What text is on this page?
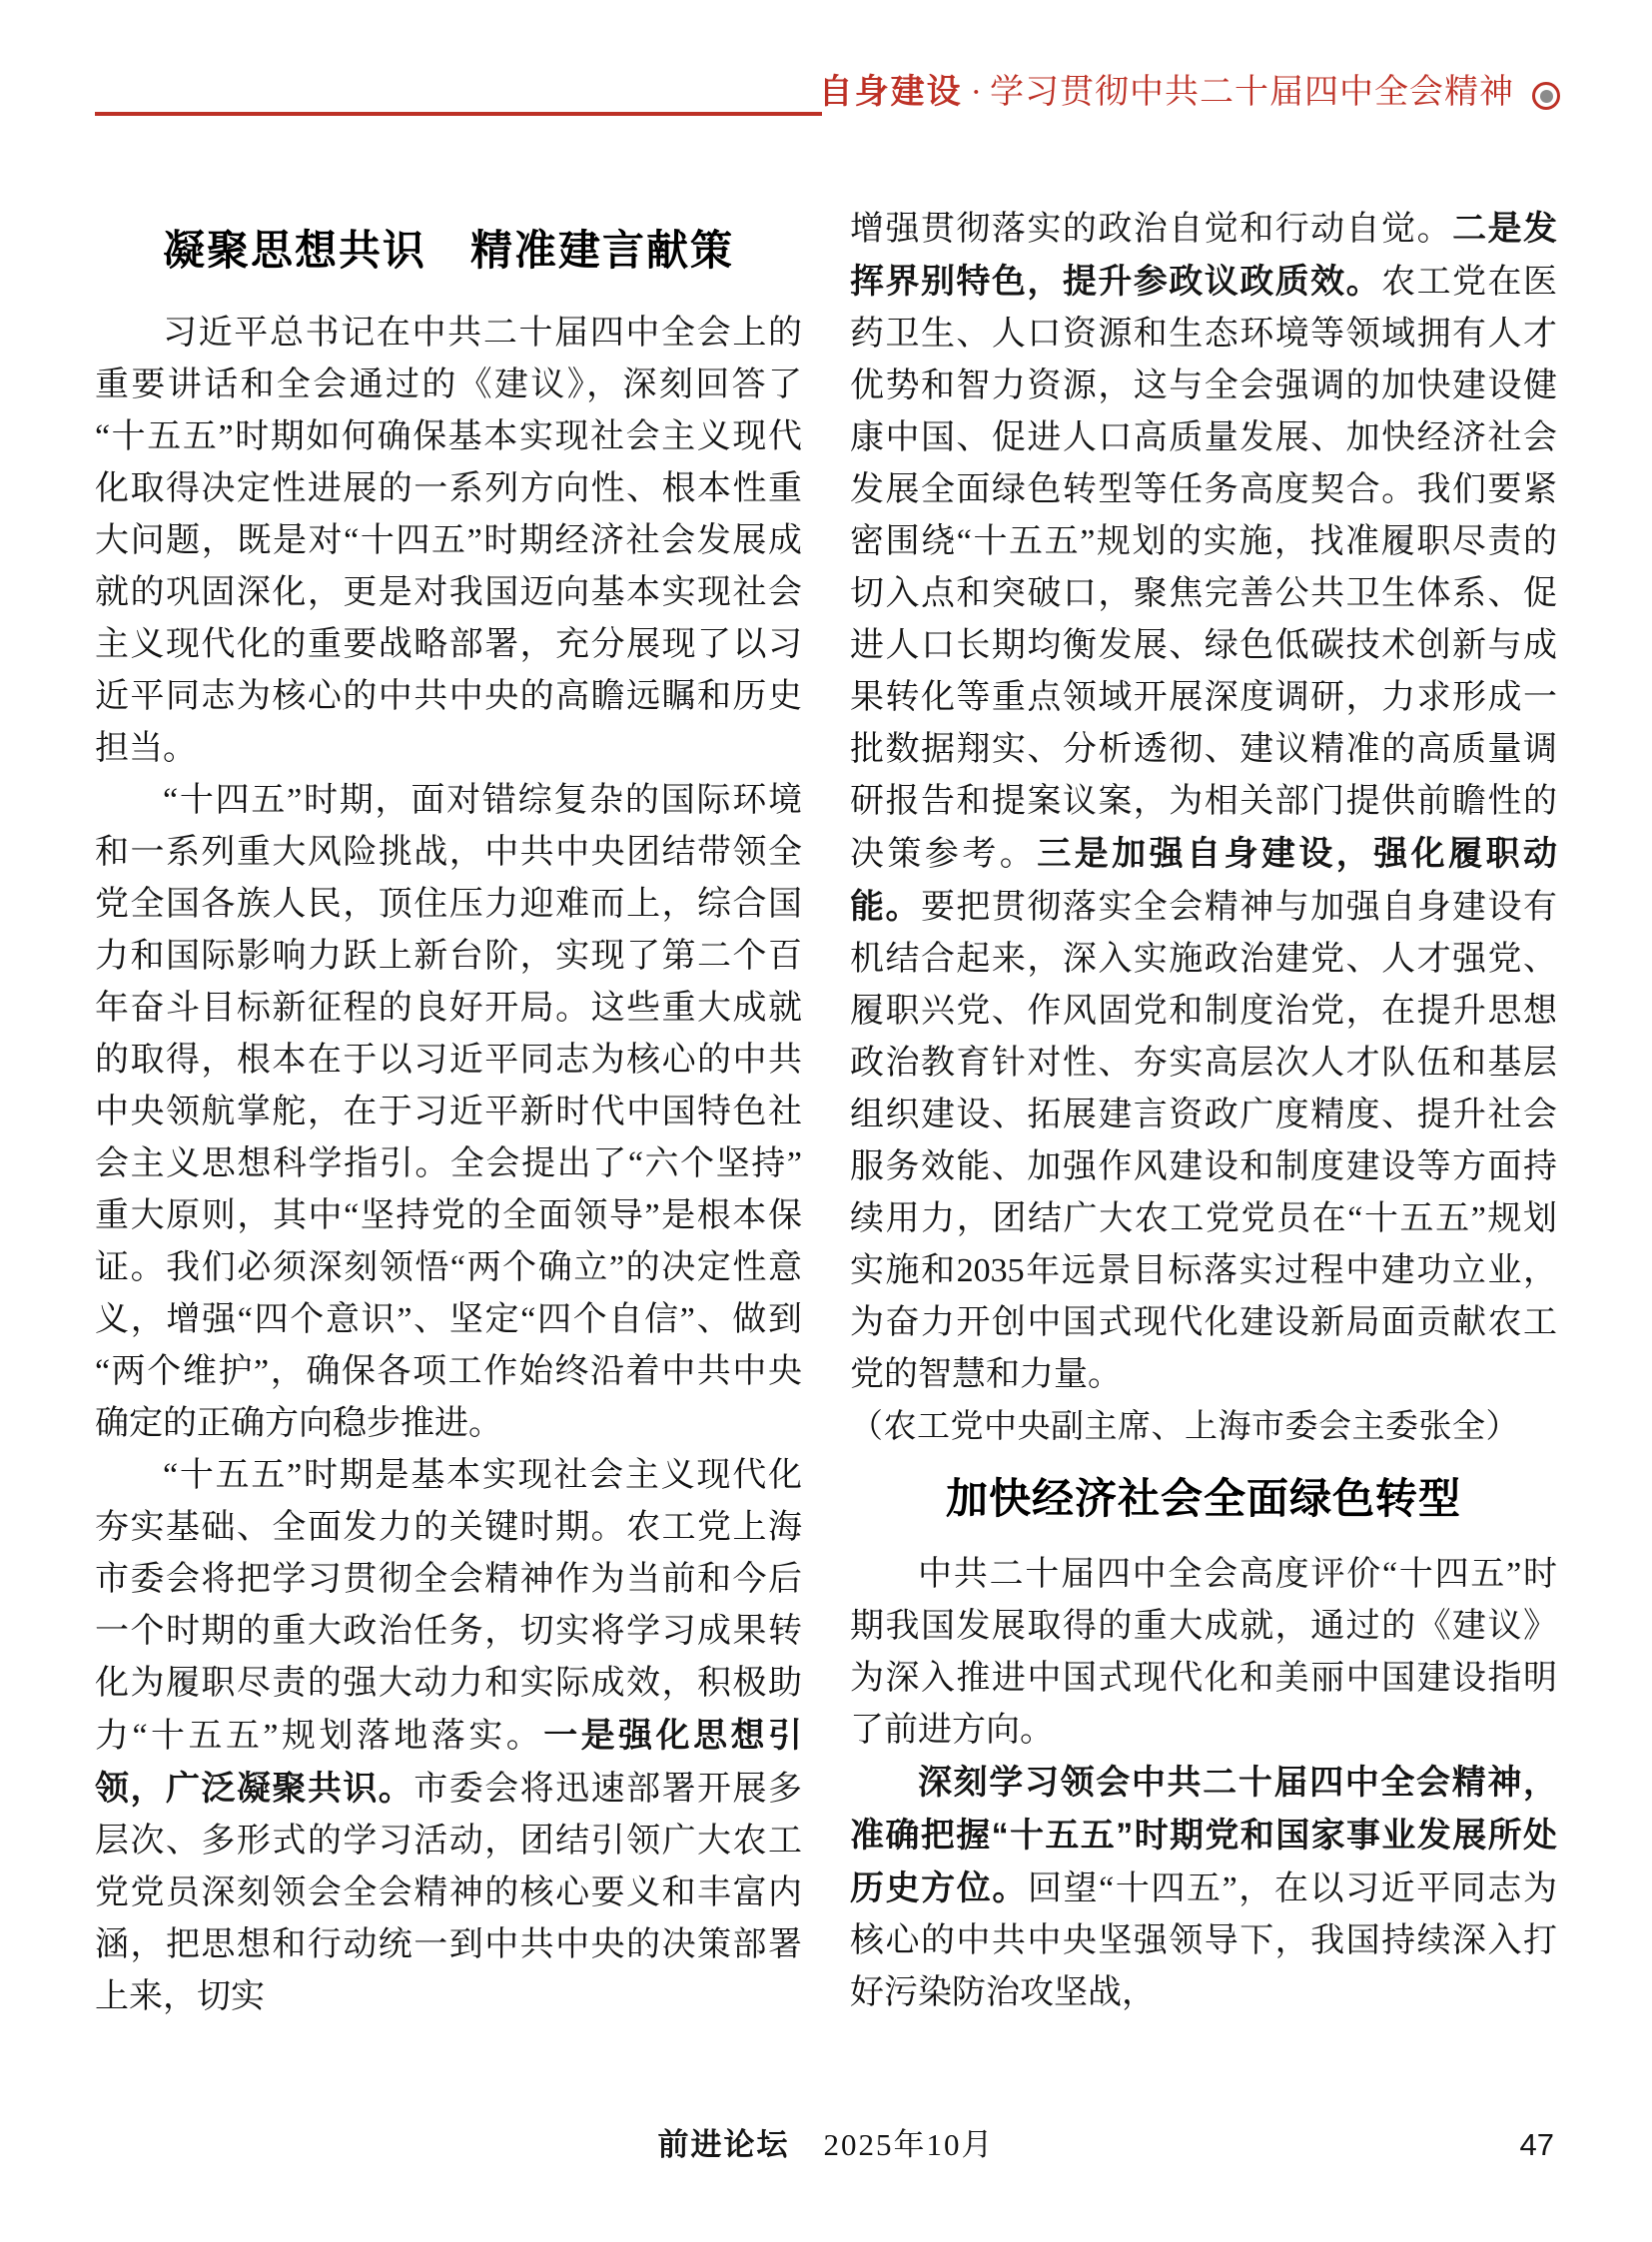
自身建设 · 学习贯彻中共二十届四中全会精神
凝聚思想共识　精准建言献策

习近平总书记在中共二十届四中全会上的重要讲话和全会通过的《建议》，深刻回答了“十五五”时期如何确保基本实现社会主义现代化取得决定性进展的一系列方向性、根本性重大问题，既是对“十四五”时期经济社会发展成就的巩固深化，更是对我国迈向基本实现社会主义现代化的重要战略部署，充分展现了以习近平同志为核心的中共中央的高瞻远瞩和历史担当。

“十四五”时期，面对错综复杂的国际环境和一系列重大风险挑战，中共中央团结带领全党全国各族人民，顶住压力迎难而上，综合国力和国际影响力跃上新台阶，实现了第二个百年奋斗目标新征程的良好开局。这些重大成就的取得，根本在于以习近平同志为核心的中共中央领航掌舵，在于习近平新时代中国特色社会主义思想科学指引。全会提出了“六个坚持”重大原则，其中“坚持党的全面领导”是根本保证。我们必须深刻领悟“两个确立”的决定性意义，增强“四个意识”、坚定“四个自信”、做到“两个维护”，确保各项工作始终沿着中共中央确定的正确方向稳步推进。

“十五五”时期是基本实现社会主义现代化夯实基础、全面发力的关键时期。农工党上海市委会将把学习贯彻全会精神作为当前和今后一个时期的重大政治任务，切实将学习成果转化为履职尽责的强大动力和实际成效，积极助力“十五五”规划落地落实。一是强化思想引领，广泛凝聚共识。市委会将迅速部署开展多层次、多形式的学习活动，团结引领广大农工党党员深刻领会全会精神的核心要义和丰富内涵，把思想和行动统一到中共中央的决策部署上来，切实

增强贯彻落实的政治自觉和行动自觉。二是发挥界别特色，提升参政议政质效。农工党在医药卫生、人口资源和生态环境等领域拥有人才优势和智力资源，这与全会强调的加快建设健康中国、促进人口高质量发展、加快经济社会发展全面绿色转型等任务高度契合。我们要紧密围绕“十五五”规划的实施，找准履职尽责的切入点和突破口，聚焦完善公共卫生体系、促进人口长期均衡发展、绿色低碳技术创新与成果转化等重点领域开展深度调研，力求形成一批数据翔实、分析透彻、建议精准的高质量调研报告和提案议案，为相关部门提供前瞻性的决策参考。三是加强自身建设，强化履职动能。要把贯彻落实全会精神与加强自身建设有机结合起来，深入实施政治建党、人才强党、履职兴党、作风固党和制度治党，在提升思想政治教育针对性、夯实高层次人才队伍和基层组织建设、拓展建言资政广度精度、提升社会服务效能、加强作风建设和制度建设等方面持续用力，团结广大农工党党员在“十五五”规划实施和2035年远景目标落实过程中建功立业，为奋力开创中国式现代化建设新局面贡献农工党的智慧和力量。

（农工党中央副主席、上海市委会主委张全）

加快经济社会全面绿色转型

中共二十届四中全会高度评价“十四五”时期我国发展取得的重大成就，通过的《建议》为深入推进中国式现代化和美丽中国建设指明了前进方向。

深刻学习领会中共二十届四中全会精神，准确把握“十五五”时期党和国家事业发展所处历史方位。回望“十四五”，在以习近平同志为核心的中共中央坚强领导下，我国持续深入打好污染防治攻坚战，

前进论坛 2025年10月	47
